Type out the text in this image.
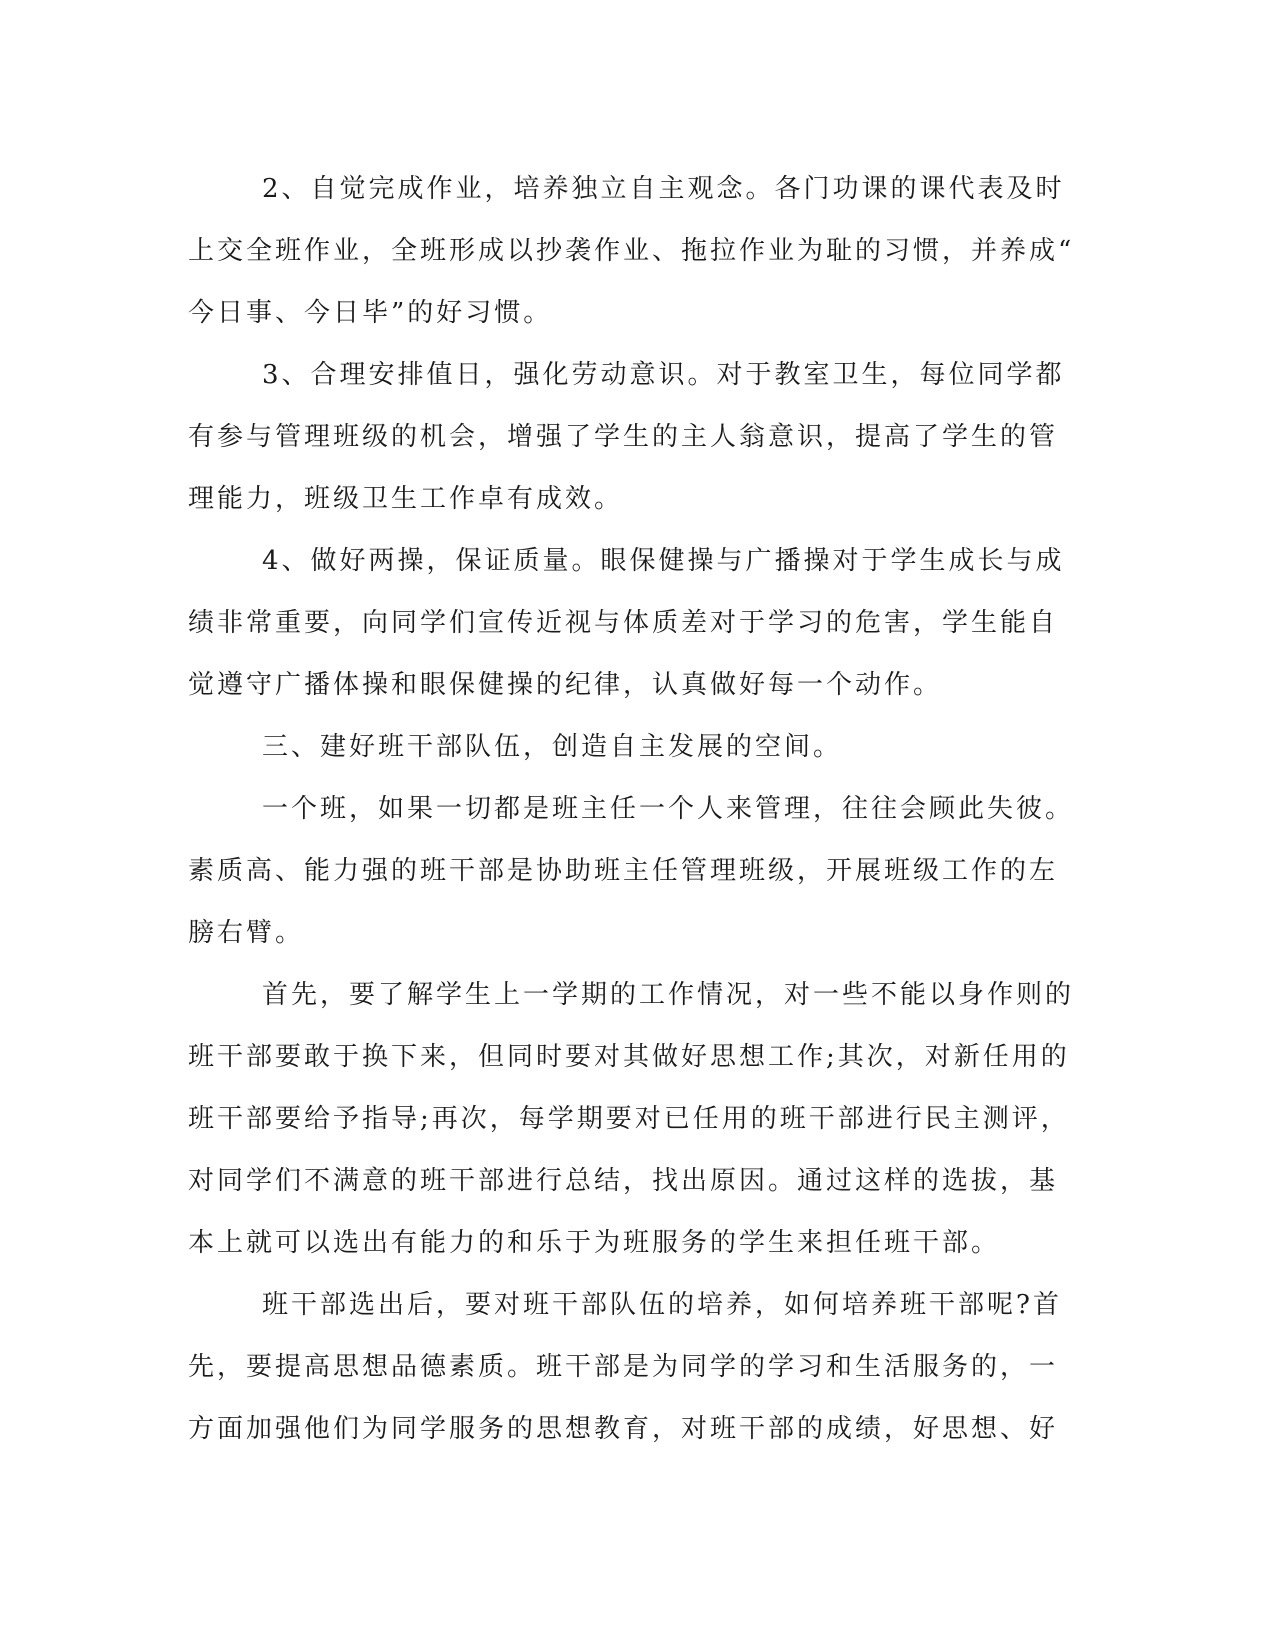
2、自觉完成作业，培养独立自主观念。各门功课的课代表及时
上交全班作业，全班形成以抄袭作业、拖拉作业为耻的习惯，并养成“
今日事、今日毕”的好习惯。
3、合理安排值日，强化劳动意识。对于教室卫生，每位同学都
有参与管理班级的机会，增强了学生的主人翁意识，提高了学生的管
理能力，班级卫生工作卓有成效。
4、做好两操，保证质量。眼保健操与广播操对于学生成长与成
绩非常重要，向同学们宣传近视与体质差对于学习的危害，学生能自
觉遵守广播体操和眼保健操的纪律，认真做好每一个动作。
三、建好班干部队伍，创造自主发展的空间。
一个班，如果一切都是班主任一个人来管理，往往会顾此失彼。
素质高、能力强的班干部是协助班主任管理班级，开展班级工作的左
膀右臂。
首先，要了解学生上一学期的工作情况，对一些不能以身作则的
班干部要敢于换下来，但同时要对其做好思想工作;其次，对新任用的
班干部要给予指导;再次，每学期要对已任用的班干部进行民主测评，
对同学们不满意的班干部进行总结，找出原因。通过这样的选拔，基
本上就可以选出有能力的和乐于为班服务的学生来担任班干部。
班干部选出后，要对班干部队伍的培养，如何培养班干部呢?首
先，要提高思想品德素质。班干部是为同学的学习和生活服务的，一
方面加强他们为同学服务的思想教育，对班干部的成绩，好思想、好
